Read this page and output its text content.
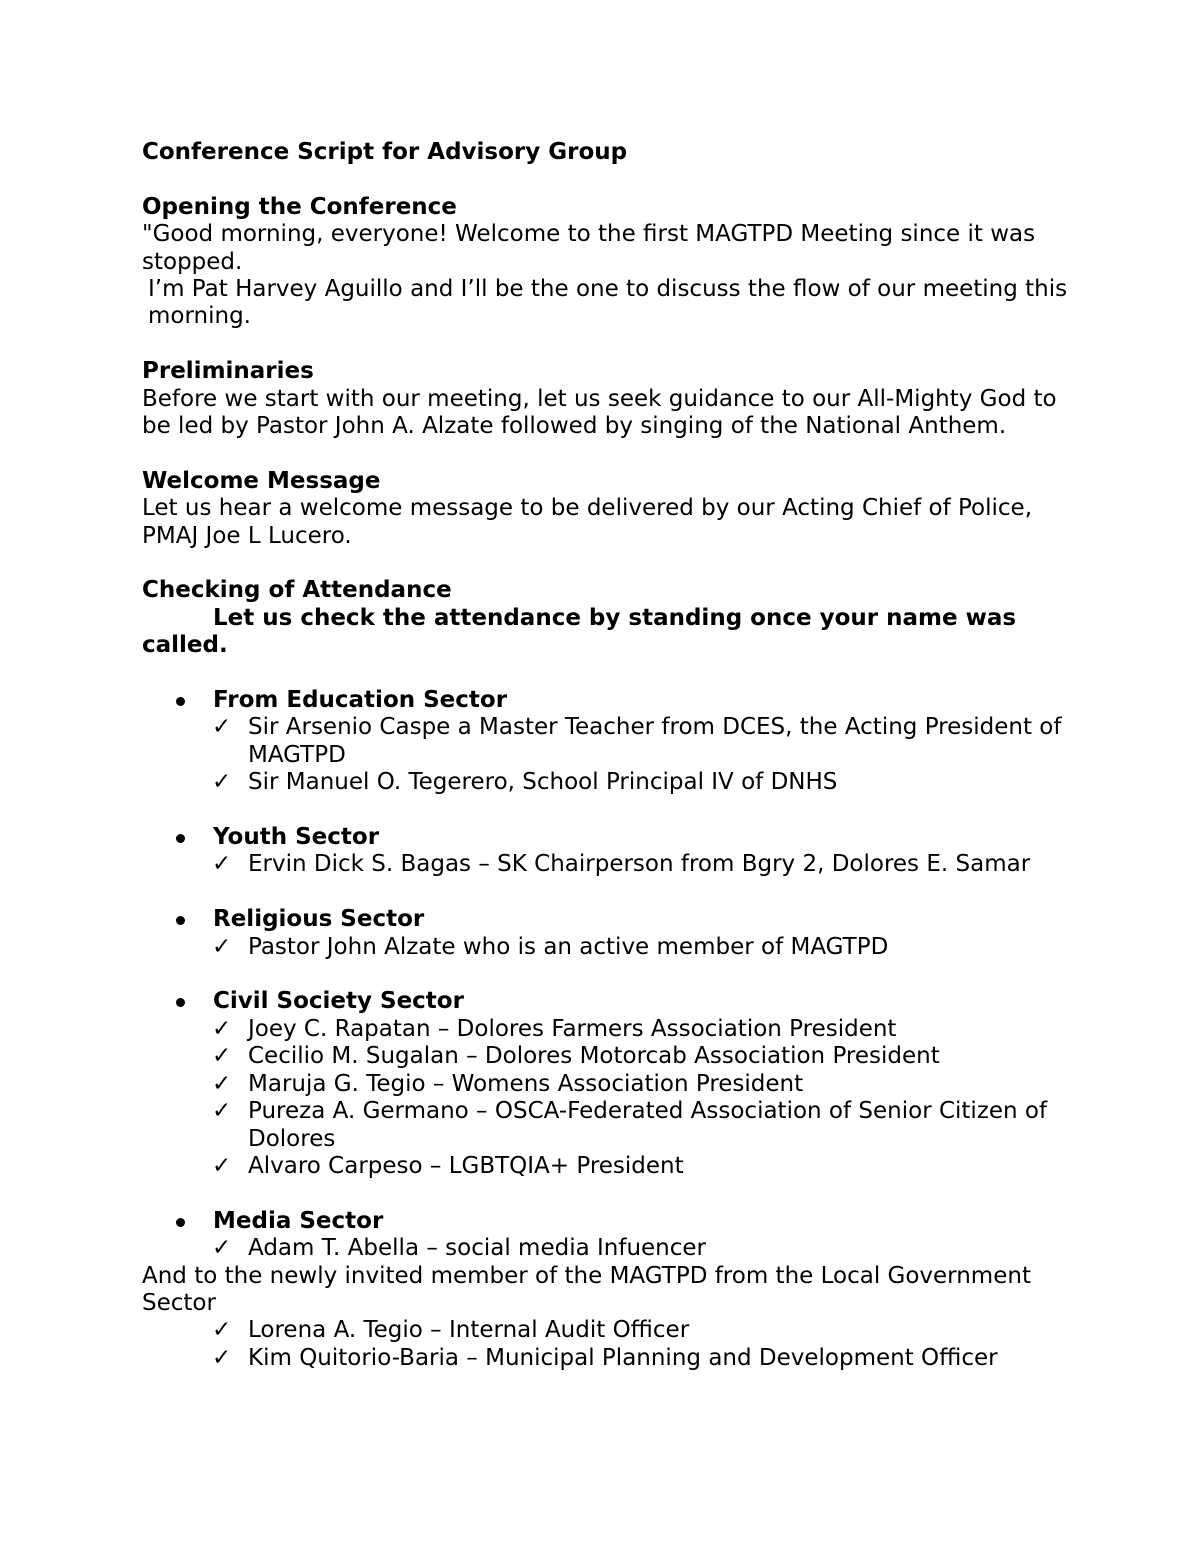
Conference Script for Advisory Group

Opening the Conference

"Good morning, everyone! Welcome to the first MAGTPD Meeting since it was stopped.

I’m Pat Harvey Aguillo and I’ll be the one to discuss the flow of our meeting this morning.

Preliminaries

Before we start with our meeting, let us seek guidance to our All-Mighty God to be led by Pastor John A. Alzate followed by singing of the National Anthem.

Welcome Message

Let us hear a welcome message to be delivered by our Acting Chief of Police, PMAJ Joe L Lucero.

Checking of Attendance

Let us check the attendance by standing once your name was

called.

From Education Sector

✓ Sir Arsenio Caspe a Master Teacher from DCES, the Acting President of MAGTPD
✓ Sir Manuel O. Tegerero, School Principal IV of DNHS

Youth Sector

✓ Ervin Dick S. Bagas – SK Chairperson from Bgry 2, Dolores E. Samar

Religious Sector

✓ Pastor John Alzate who is an active member of MAGTPD

Civil Society Sector

✓ Joey C. Rapatan – Dolores Farmers Association President
✓ Cecilio M. Sugalan – Dolores Motorcab Association President
✓ Maruja G. Tegio – Womens Association President
✓ Pureza A. Germano – OSCA-Federated Association of Senior Citizen of Dolores
✓ Alvaro Carpeso – LGBTQIA+ President

Media Sector

✓ Adam T. Abella – social media Infuencer

And to the newly invited member of the MAGTPD from the Local Government Sector

✓ Lorena A. Tegio – Internal Audit Officer
✓ Kim Quitorio-Baria – Municipal Planning and Development Officer
